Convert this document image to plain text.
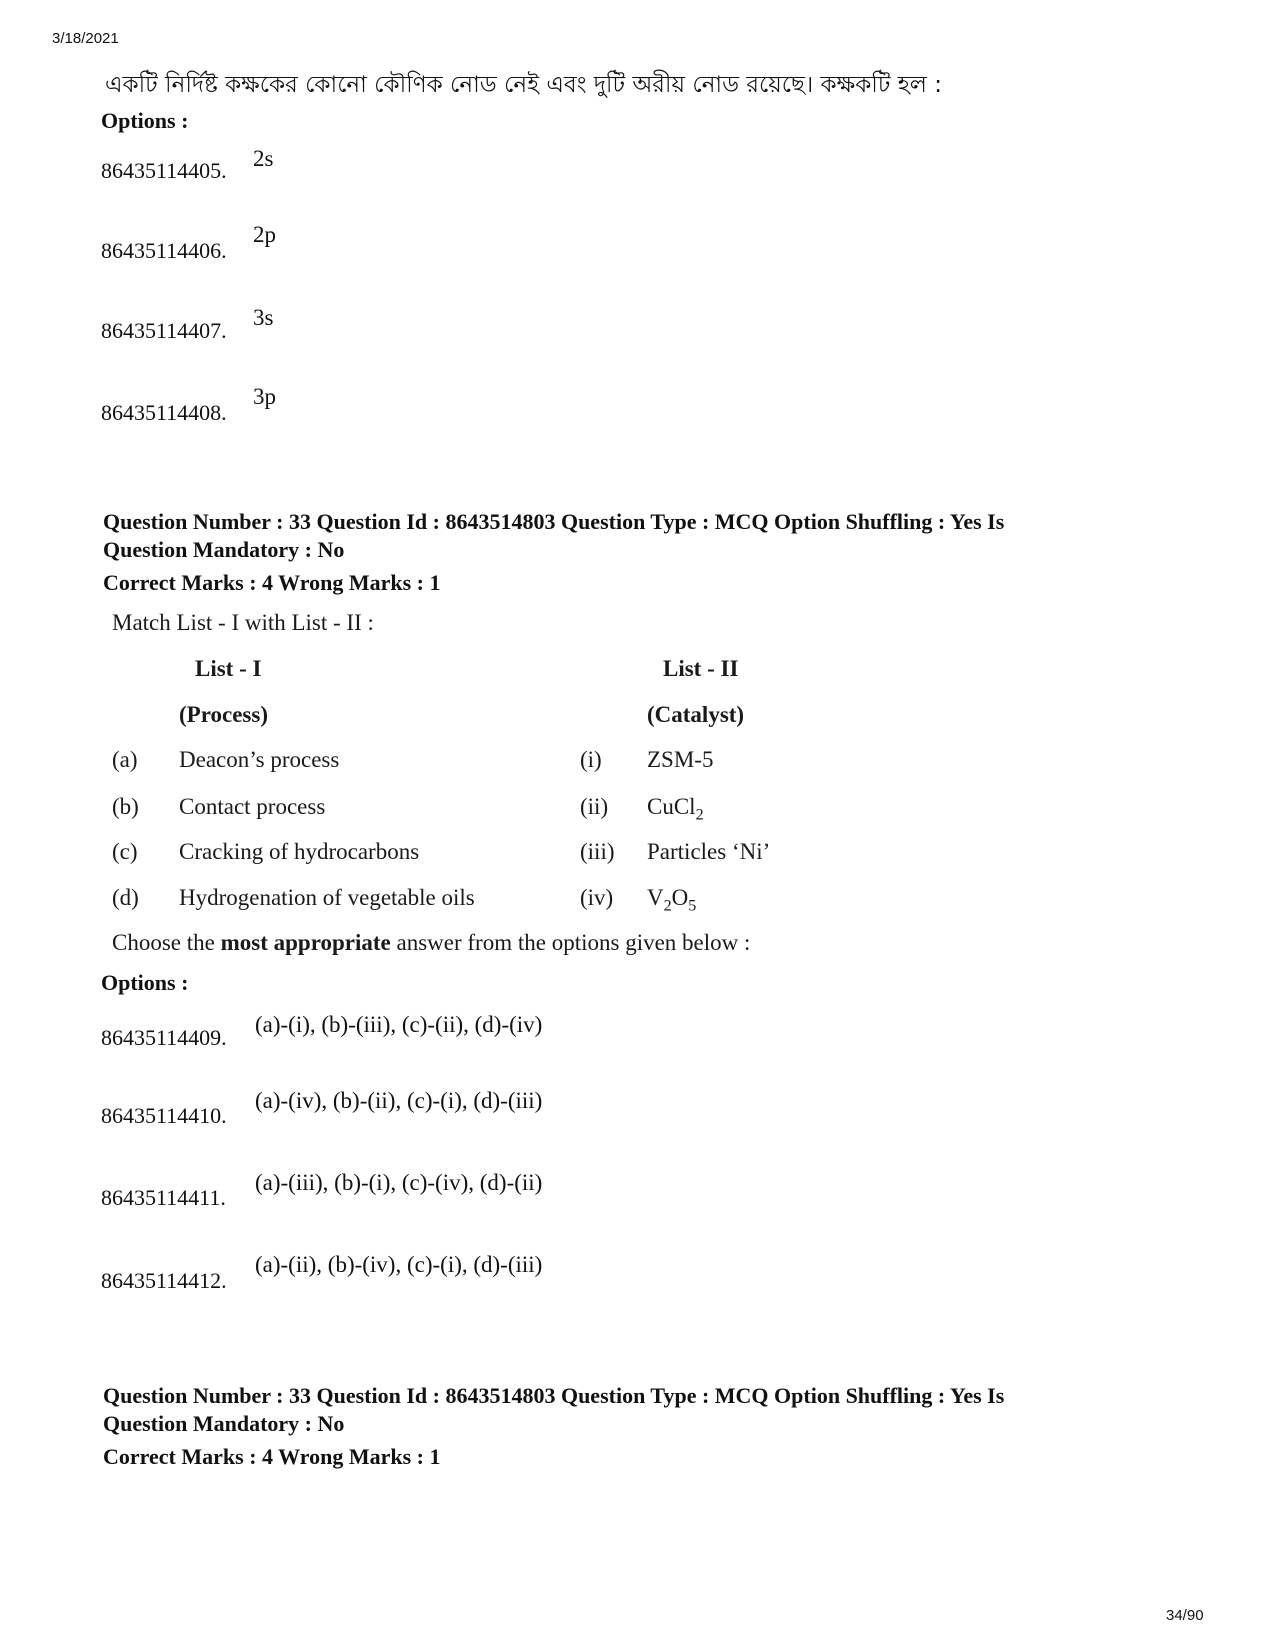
3/18/2021
34/90
একটি নির্দিষ্ট কক্ষকের কোনো কৌণিক নোড নেই এবং দুটি অরীয় নোড রয়েছে। কক্ষকটি হল :
Options :
86435114405. 2s
86435114406.
2p
86435114407.
3s
86435114408.
3p
Question Number : 33 Question Id : 8643514803 Question Type : MCQ Option Shuffling : Yes Is
Question Mandatory : No
Correct Marks : 4 Wrong Marks : 1
Match List - I with List - II :
List - I	List - II
(Process)	(Catalyst)
(a) Deacon’s process	(i) ZSM-5
(b) Contact process	(ii) CuCl$_2$
(c) Cracking of hydrocarbons	(iii) Particles ‘Ni’
(d) Hydrogenation of vegetable oils	(iv) $V_2O_5$
Choose the most appropriate answer from the options given below :
Options :
86435114409.
(a)-(i), (b)-(iii), (c)-(ii), (d)-(iv)
86435114410.
(a)-(iv), (b)-(ii), (c)-(i), (d)-(iii)
86435114411.
(a)-(iii), (b)-(i), (c)-(iv), (d)-(ii)
86435114412.
(a)-(ii), (b)-(iv), (c)-(i), (d)-(iii)
Question Number : 33 Question Id : 8643514803 Question Type : MCQ Option Shuffling : Yes Is
Question Mandatory : No
Correct Marks : 4 Wrong Marks : 1
